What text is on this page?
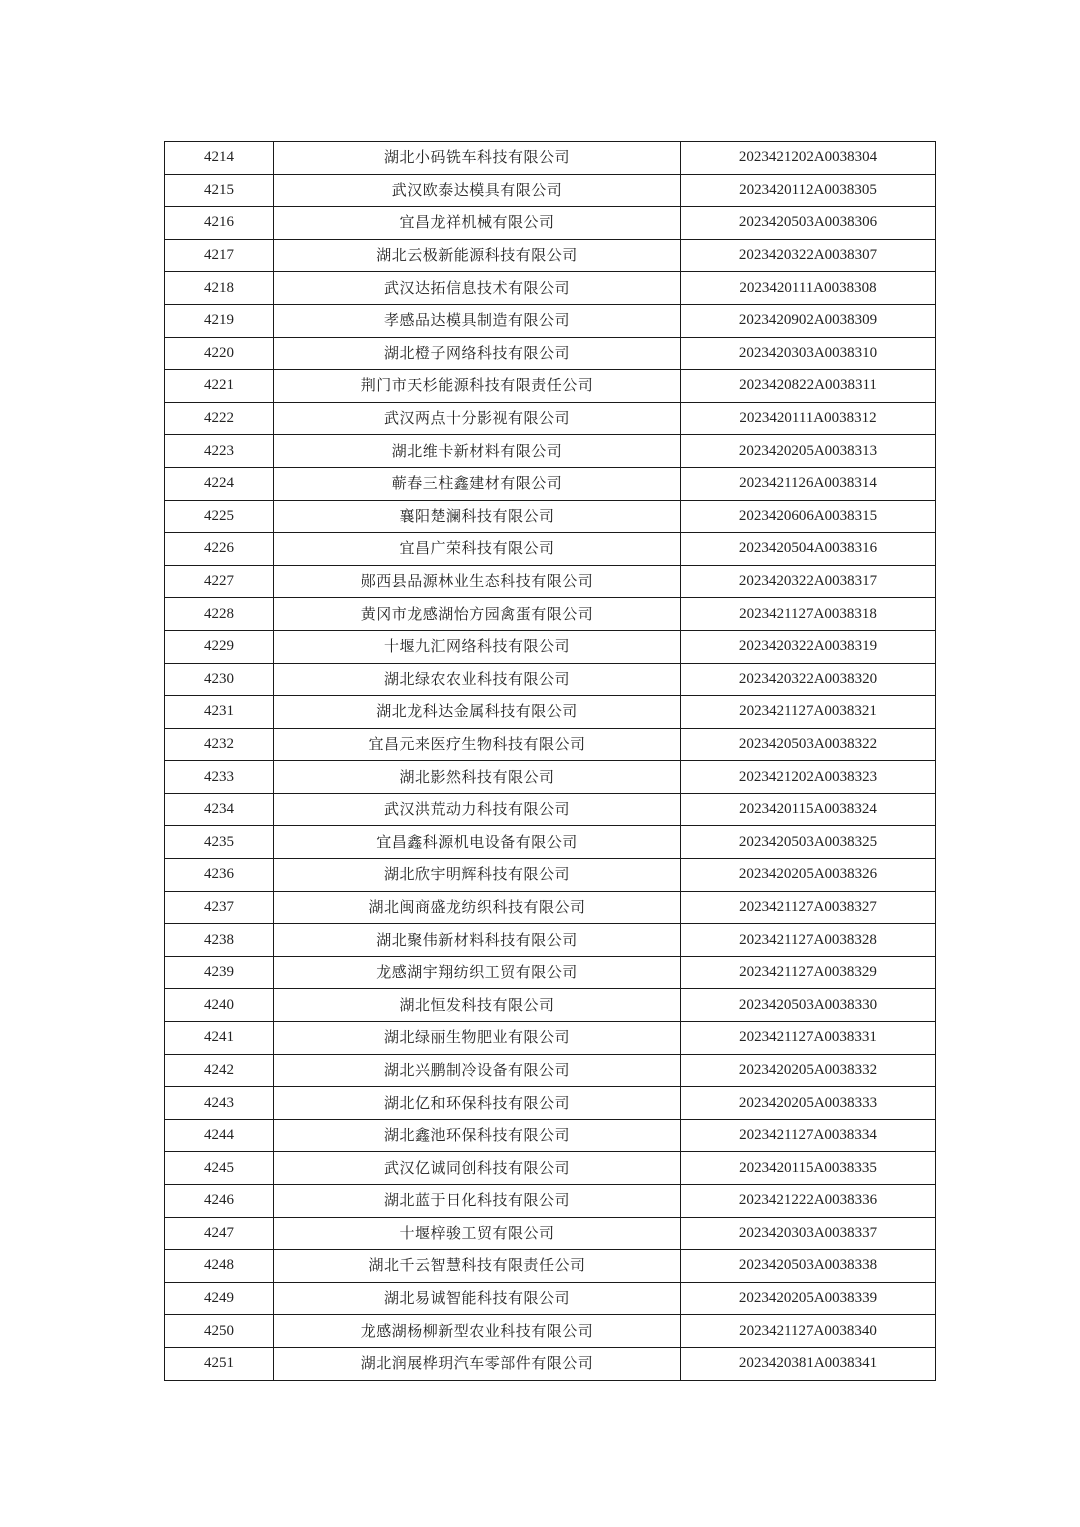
4214	湖北小码铣车科技有限公司	2023421202A0038304
4215	武汉欧泰达模具有限公司	2023420112A0038305
4216	宜昌龙祥机械有限公司	2023420503A0038306
4217	湖北云极新能源科技有限公司	2023420322A0038307
4218	武汉达拓信息技术有限公司	2023420111A0038308
4219	孝感品达模具制造有限公司	2023420902A0038309
4220	湖北橙子网络科技有限公司	2023420303A0038310
4221	荆门市天杉能源科技有限责任公司	2023420822A0038311
4222	武汉两点十分影视有限公司	2023420111A0038312
4223	湖北维卡新材料有限公司	2023420205A0038313
4224	蕲春三柱鑫建材有限公司	2023421126A0038314
4225	襄阳楚澜科技有限公司	2023420606A0038315
4226	宜昌广荣科技有限公司	2023420504A0038316
4227	郧西县品源林业生态科技有限公司	2023420322A0038317
4228	黄冈市龙感湖怡方园禽蛋有限公司	2023421127A0038318
4229	十堰九汇网络科技有限公司	2023420322A0038319
4230	湖北绿农农业科技有限公司	2023420322A0038320
4231	湖北龙科达金属科技有限公司	2023421127A0038321
4232	宜昌元来医疗生物科技有限公司	2023420503A0038322
4233	湖北影然科技有限公司	2023421202A0038323
4234	武汉洪荒动力科技有限公司	2023420115A0038324
4235	宜昌鑫科源机电设备有限公司	2023420503A0038325
4236	湖北欣宇明辉科技有限公司	2023420205A0038326
4237	湖北闽商盛龙纺织科技有限公司	2023421127A0038327
4238	湖北聚伟新材料科技有限公司	2023421127A0038328
4239	龙感湖宇翔纺织工贸有限公司	2023421127A0038329
4240	湖北恒发科技有限公司	2023420503A0038330
4241	湖北绿丽生物肥业有限公司	2023421127A0038331
4242	湖北兴鹏制冷设备有限公司	2023420205A0038332
4243	湖北亿和环保科技有限公司	2023420205A0038333
4244	湖北鑫池环保科技有限公司	2023421127A0038334
4245	武汉亿诚同创科技有限公司	2023420115A0038335
4246	湖北蓝于日化科技有限公司	2023421222A0038336
4247	十堰梓骏工贸有限公司	2023420303A0038337
4248	湖北千云智慧科技有限责任公司	2023420503A0038338
4249	湖北易诚智能科技有限公司	2023420205A0038339
4250	龙感湖杨柳新型农业科技有限公司	2023421127A0038340
4251	湖北润展桦玥汽车零部件有限公司	2023420381A0038341
